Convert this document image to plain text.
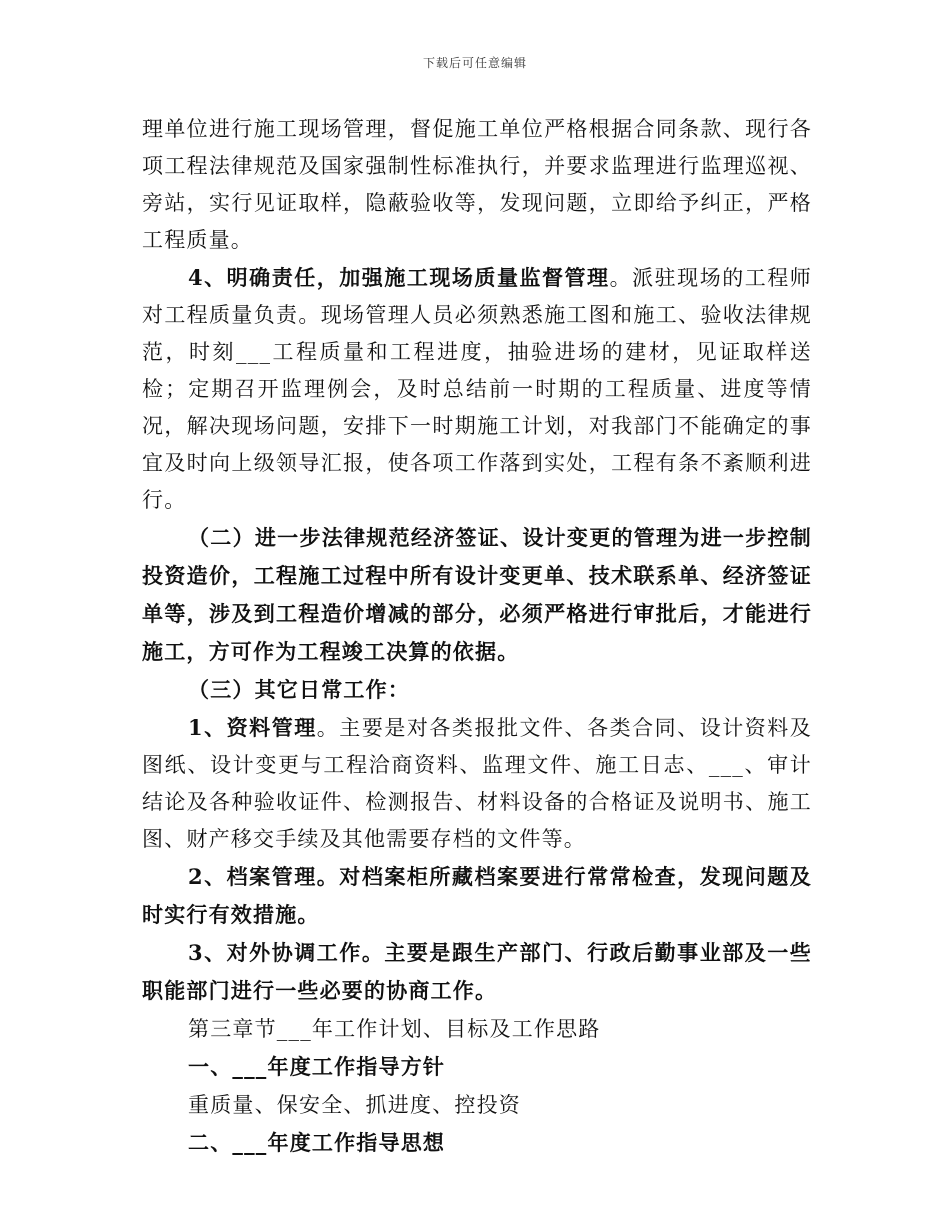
下载后可任意编辑

理单位进行施工现场管理，督促施工单位严格根据合同条款、现行各项工程法律规范及国家强制性标准执行，并要求监理进行监理巡视、旁站，实行见证取样，隐蔽验收等，发现问题，立即给予纠正，严格工程质量。

4、明确责任，加强施工现场质量监督管理。派驻现场的工程师对工程质量负责。现场管理人员必须熟悉施工图和施工、验收法律规范，时刻___工程质量和工程进度，抽验进场的建材，见证取样送检；定期召开监理例会，及时总结前一时期的工程质量、进度等情况，解决现场问题，安排下一时期施工计划，对我部门不能确定的事宜及时向上级领导汇报，使各项工作落到实处，工程有条不紊顺利进行。

（二）进一步法律规范经济签证、设计变更的管理为进一步控制投资造价，工程施工过程中所有设计变更单、技术联系单、经济签证单等，涉及到工程造价增减的部分，必须严格进行审批后，才能进行施工，方可作为工程竣工决算的依据。

（三）其它日常工作：

1、资料管理。主要是对各类报批文件、各类合同、设计资料及图纸、设计变更与工程洽商资料、监理文件、施工日志、___、审计结论及各种验收证件、检测报告、材料设备的合格证及说明书、施工图、财产移交手续及其他需要存档的文件等。

2、档案管理。对档案柜所藏档案要进行常常检查，发现问题及时实行有效措施。

3、对外协调工作。主要是跟生产部门、行政后勤事业部及一些职能部门进行一些必要的协商工作。

第三章节___年工作计划、目标及工作思路

一、___年度工作指导方针

重质量、保安全、抓进度、控投资

二、___年度工作指导思想
